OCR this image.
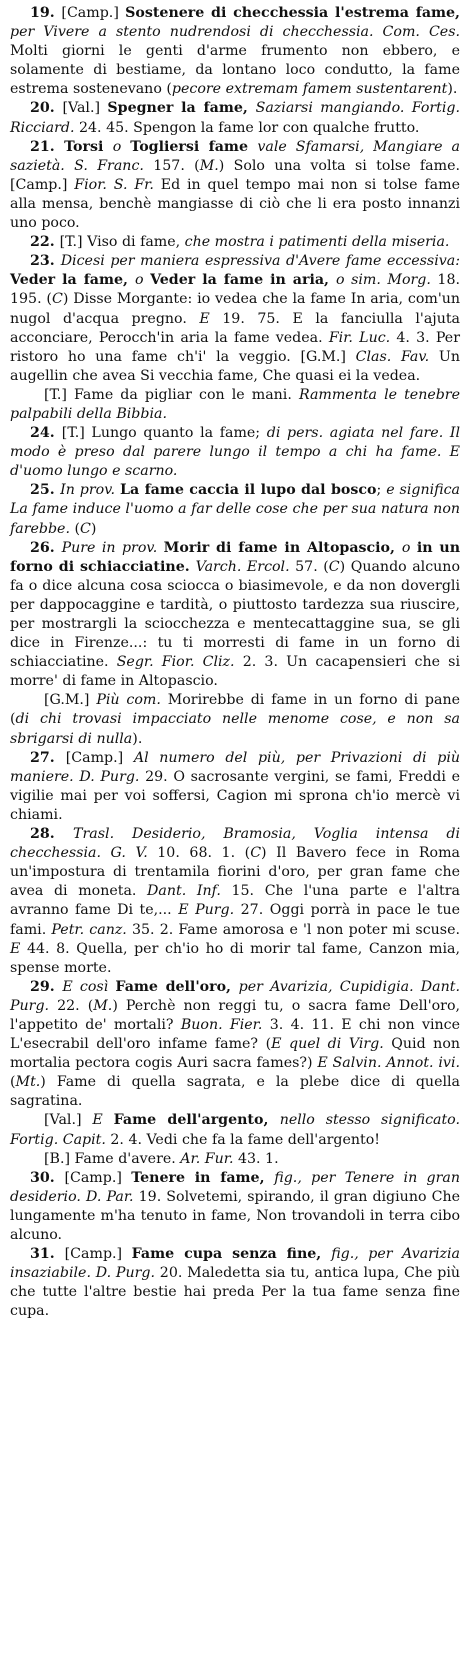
19. [Camp.] Sostenere di checchessia l'estrema fame, per Vivere a stento nudrendosi di checchessia. Com. Ces. Molti giorni le genti d'arme frumento non ebbero, e solamente di bestiame, da lontano loco condutto, la fame estrema sostenevano (pecore extremam famem sustentarent).

20. [Val.] Spegner la fame, Saziarsi mangiando. Fortig. Ricciard. 24. 45. Spengon la fame lor con qualche frutto.

21. Torsi o Togliersi fame vale Sfamarsi, Mangiare a sazietà. S. Franc. 157. (M.) Solo una volta si tolse fame. [Camp.] Fior. S. Fr. Ed in quel tempo mai non si tolse fame alla mensa, benchè mangiasse di ciò che li era posto innanzi uno poco.

22. [T.] Viso di fame, che mostra i patimenti della miseria.

23. Dicesi per maniera espressiva d'Avere fame eccessiva: Veder la fame, o Veder la fame in aria, o sim. Morg. 18. 195. (C) Disse Morgante: io vedea che la fame In aria, com'un nugol d'acqua pregno. E 19. 75. E la fanciulla l'ajuta acconciare, Perocch'in aria la fame vedea. Fir. Luc. 4. 3. Per ristoro ho una fame ch'i' la veggio. [G.M.] Clas. Fav. Un augellin che avea Si vecchia fame, Che quasi ei la vedea.

[T.] Fame da pigliar con le mani. Rammenta le tenebre palpabili della Bibbia.

24. [T.] Lungo quanto la fame; di pers. agiata nel fare. Il modo è preso dal parere lungo il tempo a chi ha fame. E d'uomo lungo e scarno.

25. In prov. La fame caccia il lupo dal bosco; e significa La fame induce l'uomo a far delle cose che per sua natura non farebbe. (C)

26. Pure in prov. Morir di fame in Altopascio, o in un forno di schiacciatine. Varch. Ercol. 57. (C) Quando alcuno fa o dice alcuna cosa sciocca o biasimevole, e da non dovergli per dappocaggine e tardità, o piuttosto tardezza sua riuscire, per mostrargli la sciocchezza e mentecattaggine sua, se gli dice in Firenze...: tu ti morresti di fame in un forno di schiacciatine. Segr. Fior. Cliz. 2. 3. Un cacapensieri che si morre' di fame in Altopascio.

[G.M.] Più com. Morirebbe di fame in un forno di pane (di chi trovasi impacciato nelle menome cose, e non sa sbrigarsi di nulla).

27. [Camp.] Al numero del più, per Privazioni di più maniere. D. Purg. 29. O sacrosante vergini, se fami, Freddi e vigilie mai per voi soffersi, Cagion mi sprona ch'io mercè vi chiami.

28. Trasl. Desiderio, Bramosia, Voglia intensa di checchessia. G. V. 10. 68. 1. (C) Il Bavero fece in Roma un'impostura di trentamila fiorini d'oro, per gran fame che avea di moneta. Dant. Inf. 15. Che l'una parte e l'altra avranno fame Di te,... E Purg. 27. Oggi porrà in pace le tue fami. Petr. canz. 35. 2. Fame amorosa e 'l non poter mi scuse. E 44. 8. Quella, per ch'io ho di morir tal fame, Canzon mia, spense morte.

29. E così Fame dell'oro, per Avarizia, Cupidigia. Dant. Purg. 22. (M.) Perchè non reggi tu, o sacra fame Dell'oro, l'appetito de' mortali? Buon. Fier. 3. 4. 11. E chi non vince L'esecrabil dell'oro infame fame? (E quel di Virg. Quid non mortalia pectora cogis Auri sacra fames?) E Salvin. Annot. ivi. (Mt.) Fame di quella sagrata, e la plebe dice di quella sagratina.

[Val.] E Fame dell'argento, nello stesso significato. Fortig. Capit. 2. 4. Vedi che fa la fame dell'argento!

[B.] Fame d'avere. Ar. Fur. 43. 1.

30. [Camp.] Tenere in fame, fig., per Tenere in gran desiderio. D. Par. 19. Solvetemi, spirando, il gran digiuno Che lungamente m'ha tenuto in fame, Non trovandoli in terra cibo alcuno.

31. [Camp.] Fame cupa senza fine, fig., per Avarizia insaziabile. D. Purg. 20. Maledetta sia tu, antica lupa, Che più che tutte l'altre bestie hai preda Per la tua fame senza fine cupa.
